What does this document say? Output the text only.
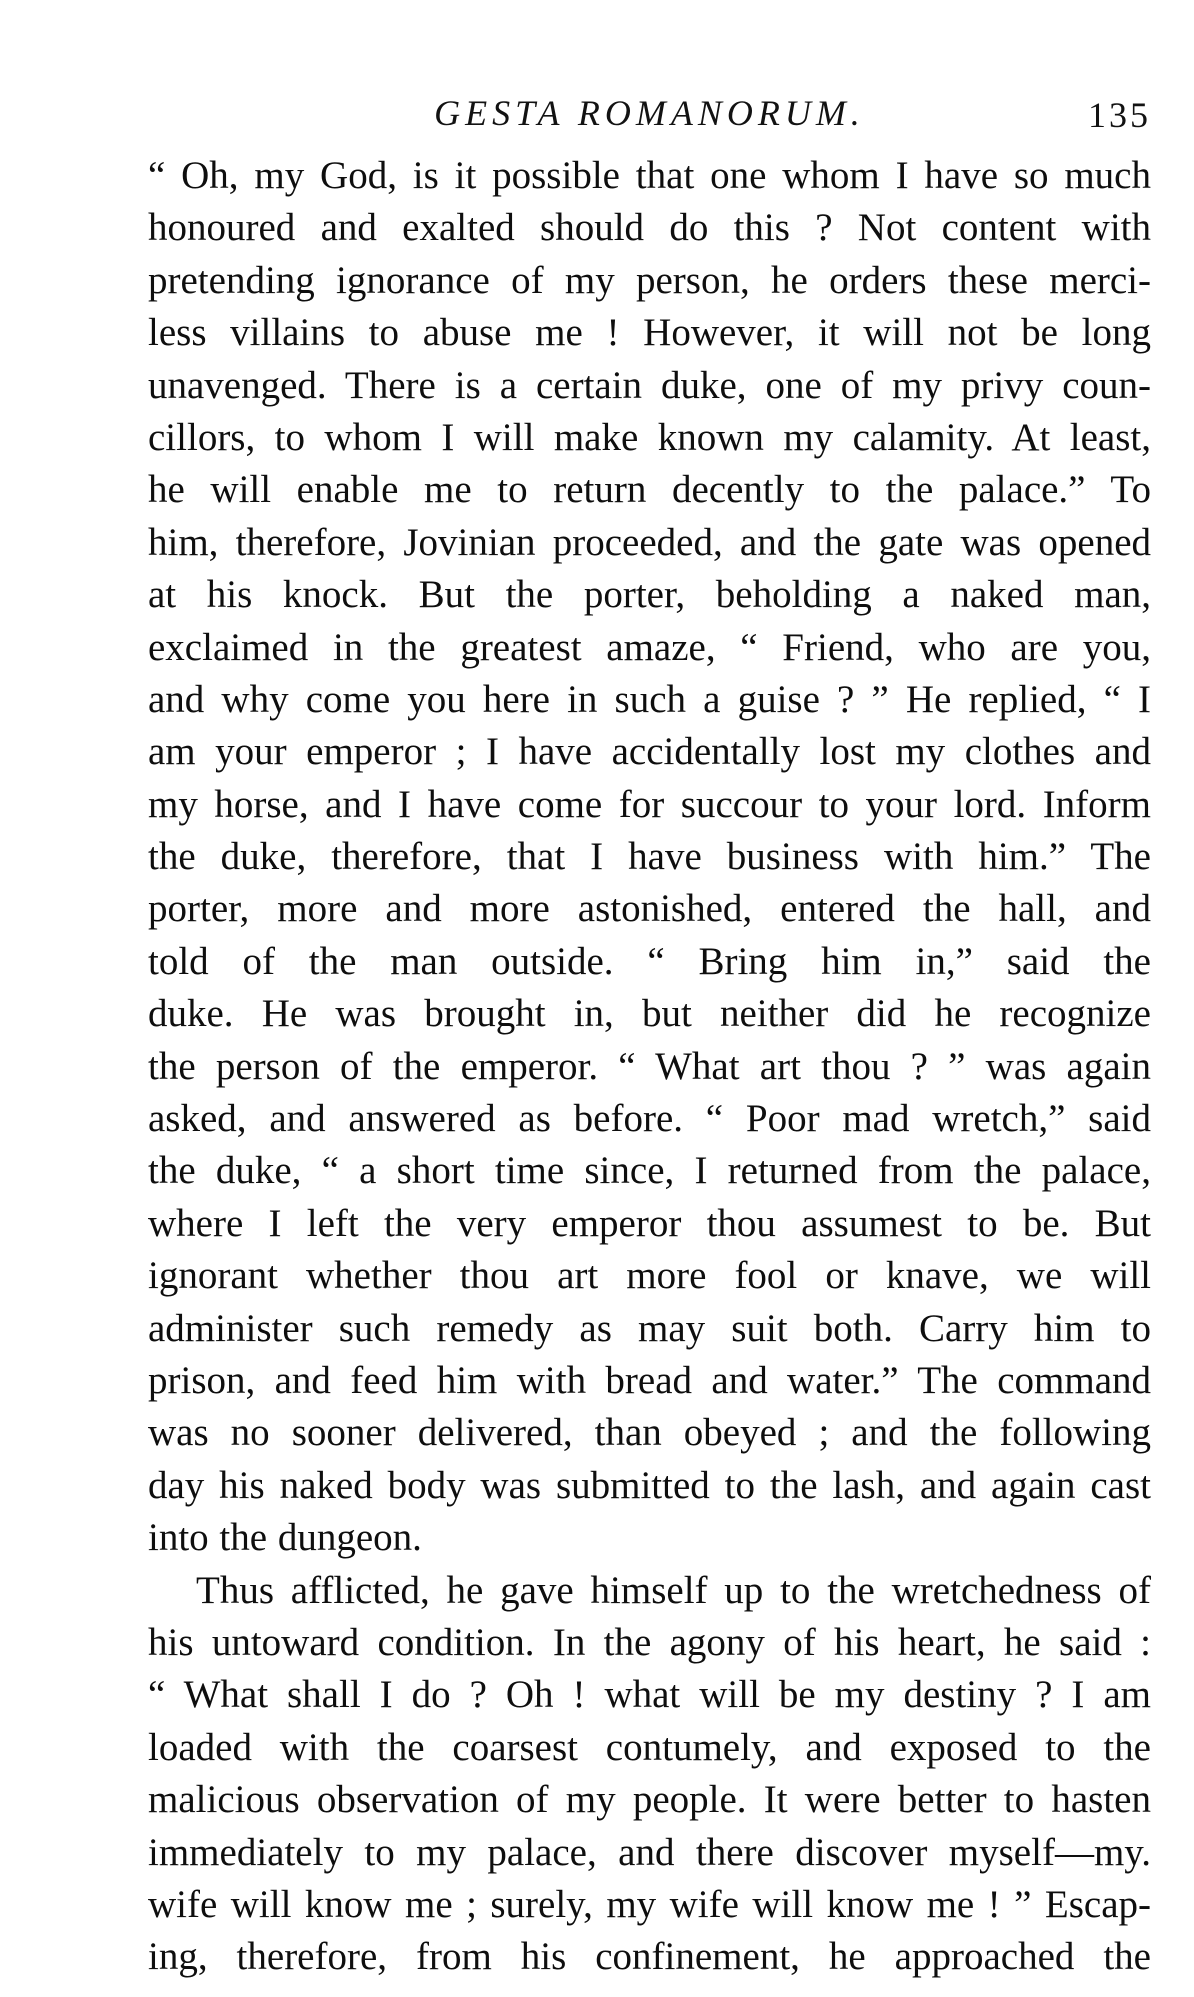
GESTA ROMANORUM.	135
“ Oh, my God, is it possible that one whom I have so much
honoured and exalted should do this ? Not content with
pretending ignorance of my person, he orders these merci-
less villains to abuse me ! However, it will not be long
unavenged. There is a certain duke, one of my privy coun-
cillors, to whom I will make known my calamity. At least,
he will enable me to return decently to the palace.” To
him, therefore, Jovinian proceeded, and the gate was opened
at his knock. But the porter, beholding a naked man,
exclaimed in the greatest amaze, “ Friend, who are you,
and why come you here in such a guise ? ” He replied, “ I
am your emperor ; I have accidentally lost my clothes and
my horse, and I have come for succour to your lord. Inform
the duke, therefore, that I have business with him.” The
porter, more and more astonished, entered the hall, and
told of the man outside. “ Bring him in,” said the
duke. He was brought in, but neither did he recognize
the person of the emperor. “ What art thou ? ” was again
asked, and answered as before. “ Poor mad wretch,” said
the duke, “ a short time since, I returned from the palace,
where I left the very emperor thou assumest to be. But
ignorant whether thou art more fool or knave, we will
administer such remedy as may suit both. Carry him to
prison, and feed him with bread and water.” The command
was no sooner delivered, than obeyed ; and the following
day his naked body was submitted to the lash, and again cast
into the dungeon.
Thus afflicted, he gave himself up to the wretchedness of
his untoward condition. In the agony of his heart, he said :
“ What shall I do ? Oh ! what will be my destiny ? I am
loaded with the coarsest contumely, and exposed to the
malicious observation of my people. It were better to hasten
immediately to my palace, and there discover myself—my.
wife will know me ; surely, my wife will know me ! ” Escap-
ing, therefore, from his confinement, he approached the
